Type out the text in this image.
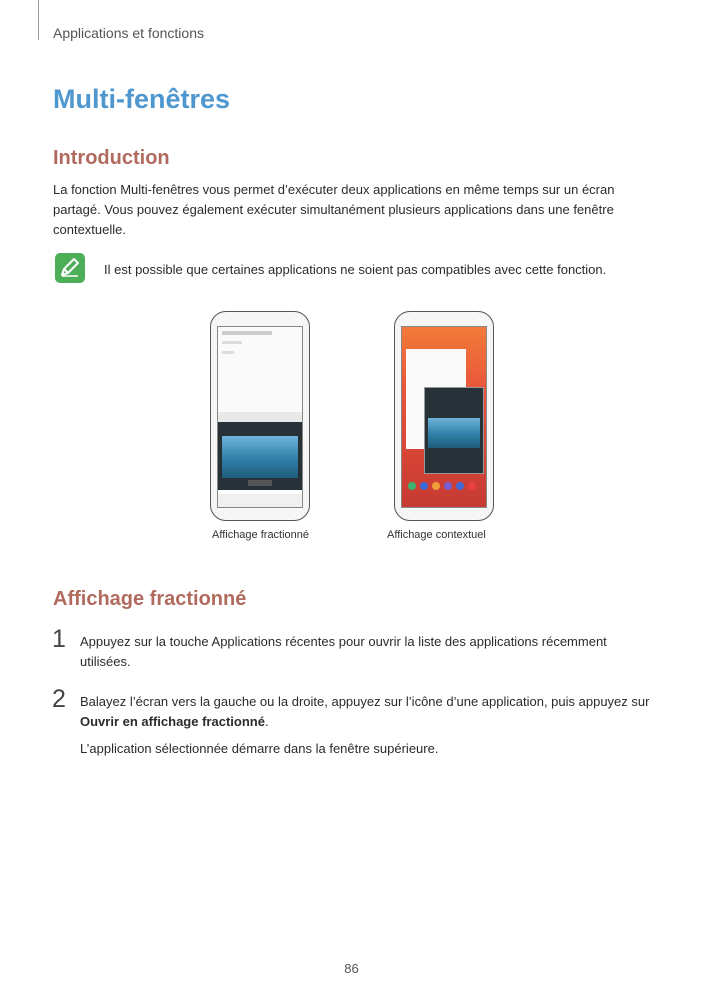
Applications et fonctions
Multi-fenêtres
Introduction
La fonction Multi-fenêtres vous permet d’exécuter deux applications en même temps sur un écran partagé. Vous pouvez également exécuter simultanément plusieurs applications dans une fenêtre contextuelle.
Il est possible que certaines applications ne soient pas compatibles avec cette fonction.
Affichage fractionné	Affichage contextuel
Affichage fractionné
1 Appuyez sur la touche Applications récentes pour ouvrir la liste des applications récemment utilisées.
2 Balayez l’écran vers la gauche ou la droite, appuyez sur l’icône d’une application, puis appuyez sur Ouvrir en affichage fractionné.
L’application sélectionnée démarre dans la fenêtre supérieure.
86
